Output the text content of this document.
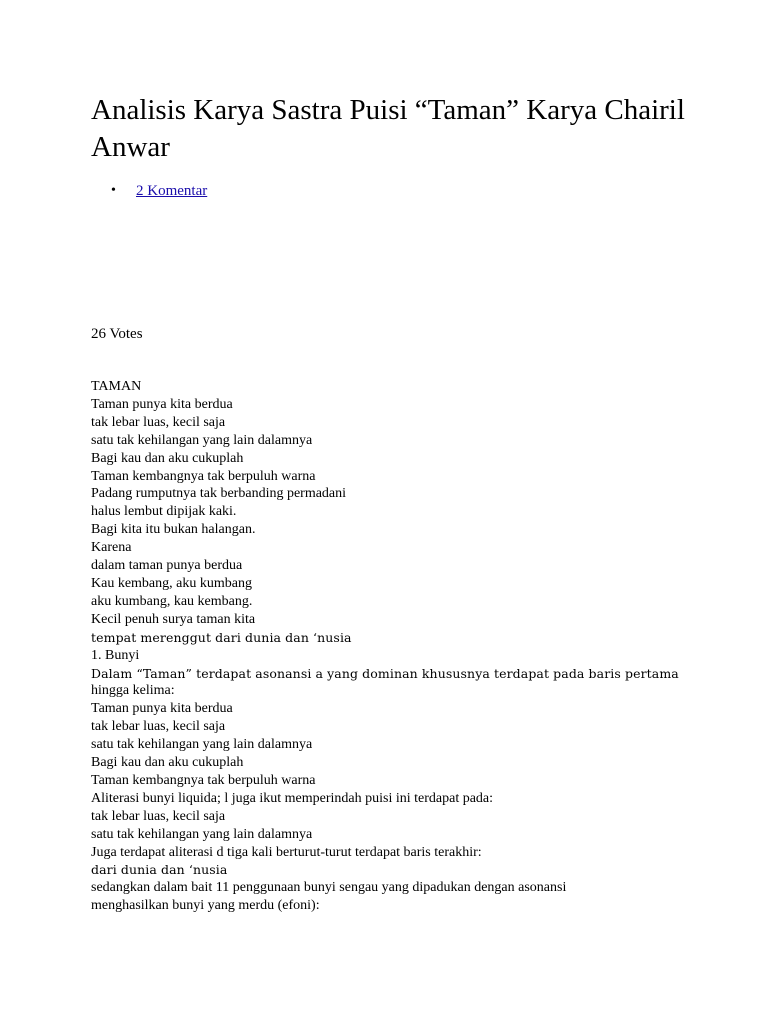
Analisis Karya Sastra Puisi “Taman” Karya Chairil Anwar
• 2 Komentar
26 Votes
TAMAN
Taman punya kita berdua
tak lebar luas, kecil saja
satu tak kehilangan yang lain dalamnya
Bagi kau dan aku cukuplah
Taman kembangnya tak berpuluh warna
Padang rumputnya tak berbanding permadani
halus lembut dipijak kaki.
Bagi kita itu bukan halangan.
Karena
dalam taman punya berdua
Kau kembang, aku kumbang
aku kumbang, kau kembang.
Kecil penuh surya taman kita
tempat merenggut dari dunia dan ‘nusia
1. Bunyi
Dalam “Taman” terdapat asonansi a yang dominan khususnya terdapat pada baris pertama
hingga kelima:
Taman punya kita berdua
tak lebar luas, kecil saja
satu tak kehilangan yang lain dalamnya
Bagi kau dan aku cukuplah
Taman kembangnya tak berpuluh warna
Aliterasi bunyi liquida; l juga ikut memperindah puisi ini terdapat pada:
tak lebar luas, kecil saja
satu tak kehilangan yang lain dalamnya
Juga terdapat aliterasi d tiga kali berturut-turut terdapat baris terakhir:
dari dunia dan ‘nusia
sedangkan dalam bait 11 penggunaan bunyi sengau yang dipadukan dengan asonansi
menghasilkan bunyi yang merdu (efoni):
